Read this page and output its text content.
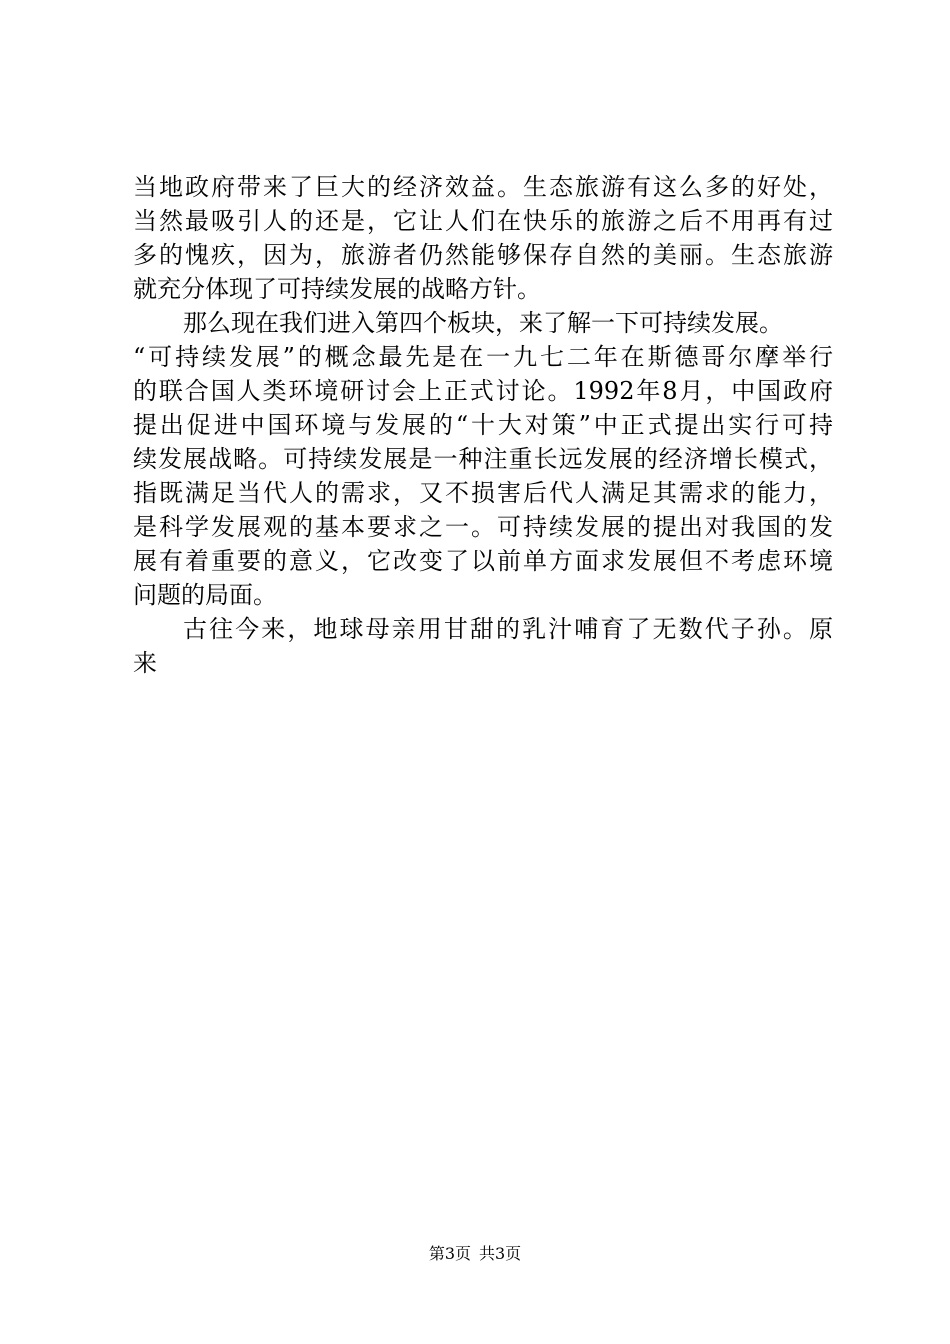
当地政府带来了巨大的经济效益。生态旅游有这么多的好处，
当然最吸引人的还是，它让人们在快乐的旅游之后不用再有过
多的愧疚，因为，旅游者仍然能够保存自然的美丽。生态旅游
就充分体现了可持续发展的战略方针。
那么现在我们进入第四个板块，来了解一下可持续发展。
“可持续发展”的概念最先是在一九七二年在斯德哥尔摩举行
的联合国人类环境研讨会上正式讨论。1992年8月，中国政府
提出促进中国环境与发展的“十大对策”中正式提出实行可持
续发展战略。可持续发展是一种注重长远发展的经济增长模式，
指既满足当代人的需求，又不损害后代人满足其需求的能力，
是科学发展观的基本要求之一。可持续发展的提出对我国的发
展有着重要的意义，它改变了以前单方面求发展但不考虑环境
问题的局面。
古往今来，地球母亲用甘甜的乳汁哺育了无数代子孙。原
来
第3页 共3页
